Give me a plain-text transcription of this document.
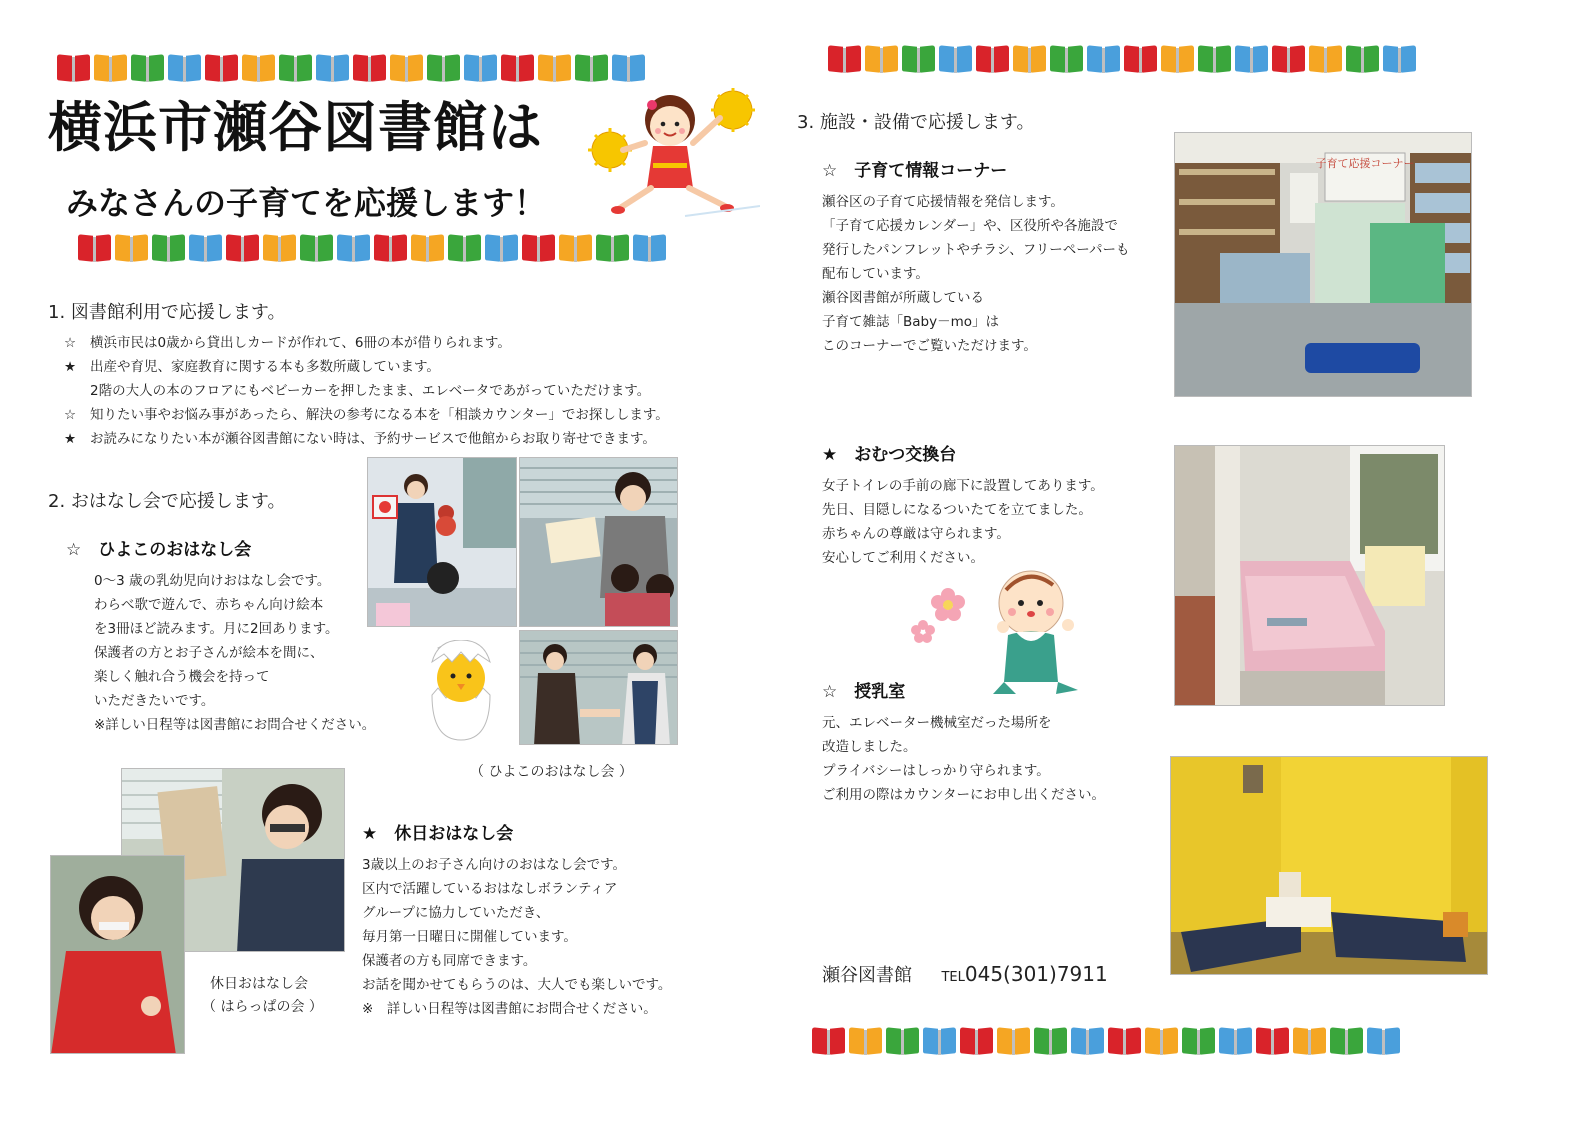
横浜市瀬谷図書館は
みなさんの子育てを応援します！
1. 図書館利用で応援します。
☆ 横浜市民は0歳から貸出しカードが作れて、6冊の本が借りられます。
★ 出産や育児、家庭教育に関する本も多数所蔵しています。
2階の大人の本のフロアにもベビーカーを押したまま、エレベータであがっていただけます。
☆ 知りたい事やお悩み事があったら、解決の参考になる本を「相談カウンター」でお探しします。
★ お読みになりたい本が瀬谷図書館にない時は、予約サービスで他館からお取り寄せできます。
2. おはなし会で応援します。
☆　ひよこのおはなし会
0〜3 歳の乳幼児向けおはなし会です。
わらべ歌で遊んで、赤ちゃん向け絵本
を3冊ほど読みます。月に2回あります。
保護者の方とお子さんが絵本を間に、
楽しく触れ合う機会を持って
いただきたいです。
※詳しい日程等は図書館にお問合せください。
（ ひよこのおはなし会 ）
休日おはなし会
（ はらっぱの会 ）
★　休日おはなし会
3歳以上のお子さん向けのおはなし会です。
区内で活躍しているおはなしボランティア
グループに協力していただき、
毎月第一日曜日に開催しています。
保護者の方も同席できます。
お話を聞かせてもらうのは、大人でも楽しいです。
※　詳しい日程等は図書館にお問合せください。
3. 施設・設備で応援します。
☆　子育て情報コーナー
瀬谷区の子育て応援情報を発信します。
「子育て応援カレンダー」や、区役所や各施設で
発行したパンフレットやチラシ、フリーペーパーも
配布しています。
瀬谷図書館が所蔵している
子育て雑誌「Baby－mo」は
このコーナーでご覧いただけます。
子育て応援コーナー
★　おむつ交換台
女子トイレの手前の廊下に設置してあります。
先日、目隠しになるついたてを立てました。
赤ちゃんの尊厳は守られます。
安心してご利用ください。
☆　授乳室
元、エレベーター機械室だった場所を
改造しました。
プライバシーはしっかり守られます。
ご利用の際はカウンターにお申し出ください。
瀬谷図書館 TEL045(301)7911
